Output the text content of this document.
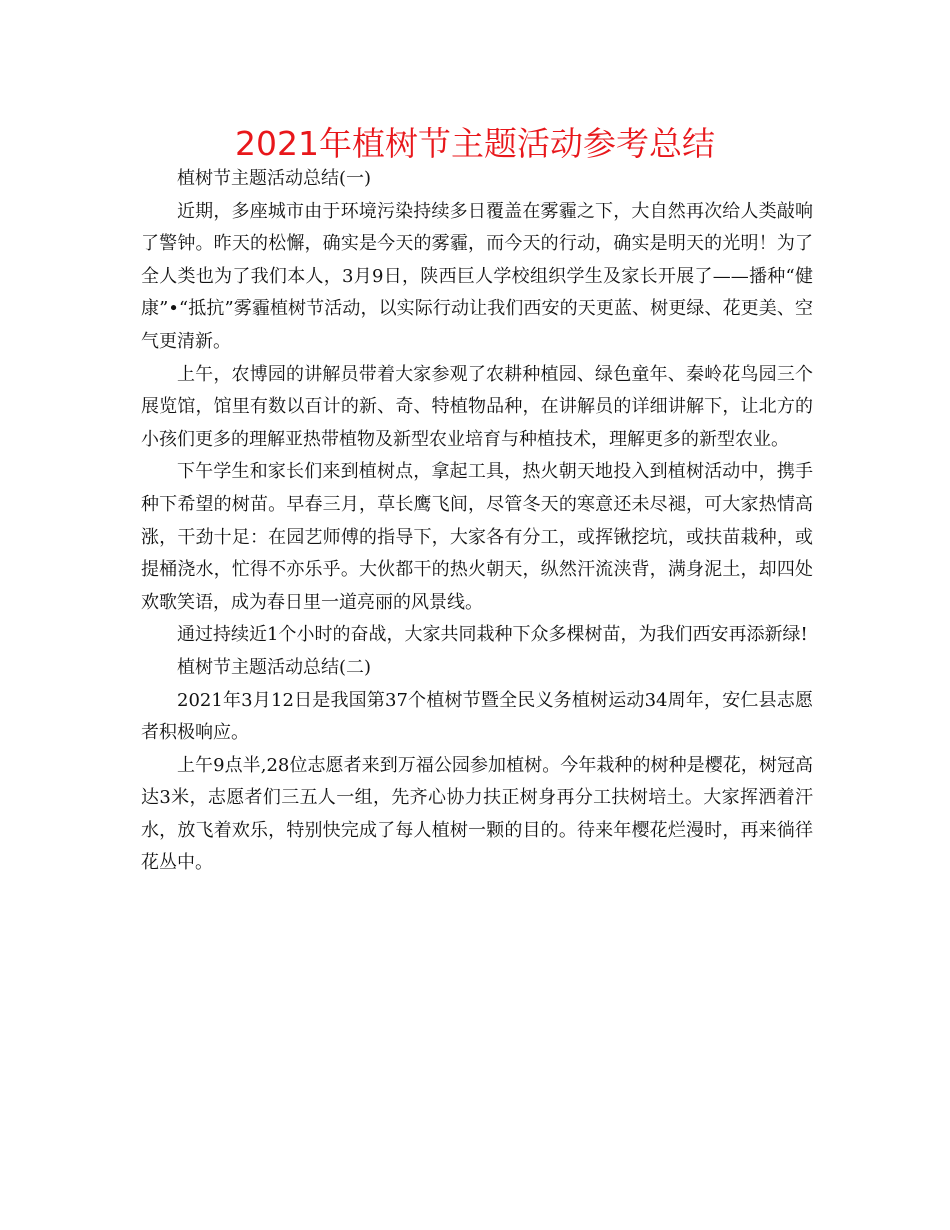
2021年植树节主题活动参考总结

植树节主题活动总结(一)

近期，多座城市由于环境污染持续多日覆盖在雾霾之下，大自然再次给人类敲响了警钟。昨天的松懈，确实是今天的雾霾，而今天的行动，确实是明天的光明！为了全人类也为了我们本人，3月9日，陕西巨人学校组织学生及家长开展了——播种“健康”•“抵抗”雾霾植树节活动，以实际行动让我们西安的天更蓝、树更绿、花更美、空气更清新。

上午，农博园的讲解员带着大家参观了农耕种植园、绿色童年、秦岭花鸟园三个展览馆，馆里有数以百计的新、奇、特植物品种，在讲解员的详细讲解下，让北方的小孩们更多的理解亚热带植物及新型农业培育与种植技术，理解更多的新型农业。

下午学生和家长们来到植树点，拿起工具，热火朝天地投入到植树活动中，携手种下希望的树苗。早春三月，草长鹰飞间，尽管冬天的寒意还未尽褪，可大家热情高涨，干劲十足：在园艺师傅的指导下，大家各有分工，或挥锹挖坑，或扶苗栽种，或提桶浇水，忙得不亦乐乎。大伙都干的热火朝天，纵然汗流浃背，满身泥土，却四处欢歌笑语，成为春日里一道亮丽的风景线。

通过持续近1个小时的奋战，大家共同栽种下众多棵树苗，为我们西安再添新绿!

植树节主题活动总结(二)

2021年3月12日是我国第37个植树节暨全民义务植树运动34周年，安仁县志愿者积极响应。

上午9点半,28位志愿者来到万福公园参加植树。今年栽种的树种是樱花，树冠高达3米，志愿者们三五人一组，先齐心协力扶正树身再分工扶树培土。大家挥洒着汗水，放飞着欢乐，特别快完成了每人植树一颗的目的。待来年樱花烂漫时，再来徜徉花丛中。
